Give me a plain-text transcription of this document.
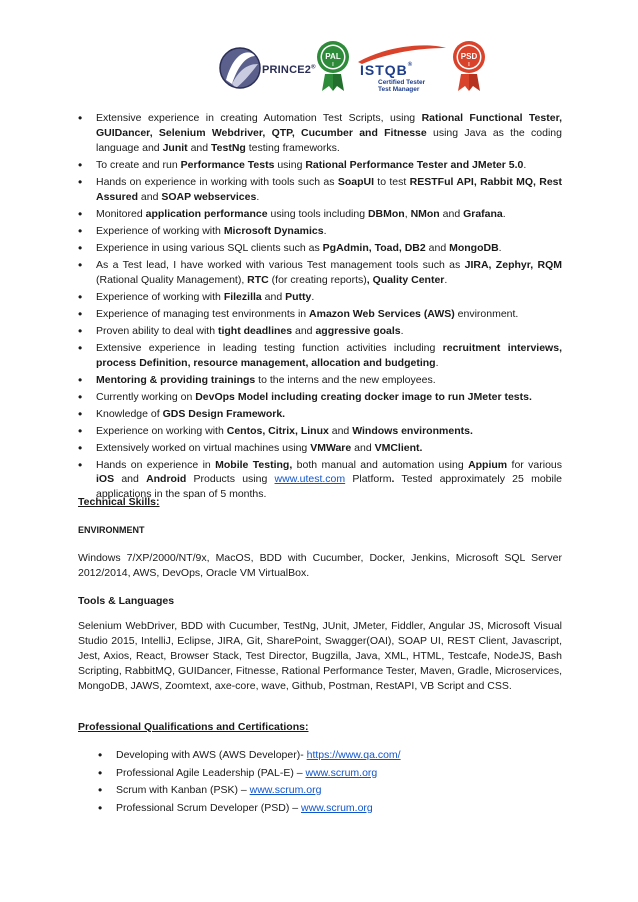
PRINCE2®
PAL
I ISTQB®
Certified Tester
Test Manager
PSD
I
• Extensive experience in creating Automation Test Scripts, using Rational Functional Tester, GUIDancer, Selenium Webdriver, QTP, Cucumber and Fitnesse using Java as the coding language and Junit and TestNg testing frameworks.
• To create and run Performance Tests using Rational Performance Tester and JMeter 5.0.
• Hands on experience in working with tools such as SoapUI to test RESTFul API, Rabbit MQ, Rest Assured and SOAP webservices.
• Monitored application performance using tools including DBMon, NMon and Grafana.
• Experience of working with Microsoft Dynamics.
• Experience in using various SQL clients such as PgAdmin, Toad, DB2 and MongoDB.
• As a Test lead, I have worked with various Test management tools such as JIRA, Zephyr, RQM (Rational Quality Management), RTC (for creating reports), Quality Center.
• Experience of working with Filezilla and Putty.
• Experience of managing test environments in Amazon Web Services (AWS) environment.
• Proven ability to deal with tight deadlines and aggressive goals.
• Extensive experience in leading testing function activities including recruitment interviews, process Definition, resource management, allocation and budgeting.
• Mentoring & providing trainings to the interns and the new employees.
• Currently working on DevOps Model including creating docker image to run JMeter tests.
• Knowledge of GDS Design Framework.
• Experience on working with Centos, Citrix, Linux and Windows environments.
• Extensively worked on virtual machines using VMWare and VMClient.
• Hands on experience in Mobile Testing, both manual and automation using Appium for various iOS and Android Products using www.utest.com Platform. Tested approximately 25 mobile applications in the span of 5 months.
Technical Skills:
ENVIRONMENT
Windows 7/XP/2000/NT/9x, MacOS, BDD with Cucumber, Docker, Jenkins, Microsoft SQL Server 2012/2014, AWS, DevOps, Oracle VM VirtualBox.
Tools & Languages
Selenium WebDriver, BDD with Cucumber, TestNg, JUnit, JMeter, Fiddler, Angular JS, Microsoft Visual Studio 2015, IntelliJ, Eclipse, JIRA, Git, SharePoint, Swagger(OAI), SOAP UI, REST Client, Javascript, Jest, Axios, React, Browser Stack, Test Director, Bugzilla, Java, XML, HTML, Testcafe, NodeJS, Bash Scripting, RabbitMQ, GUIDancer, Fitnesse, Rational Performance Tester, Maven, Gradle, Microservices, MongoDB, JAWS, Zoomtext, axe-core, wave, Github, Postman, RestAPI, VB Script and CSS.
Professional Qualifications and Certifications:
• Developing with AWS (AWS Developer)- https://www.qa.com/
• Professional Agile Leadership (PAL-E) – www.scrum.org
• Scrum with Kanban (PSK) – www.scrum.org
• Professional Scrum Developer (PSD) – www.scrum.org
